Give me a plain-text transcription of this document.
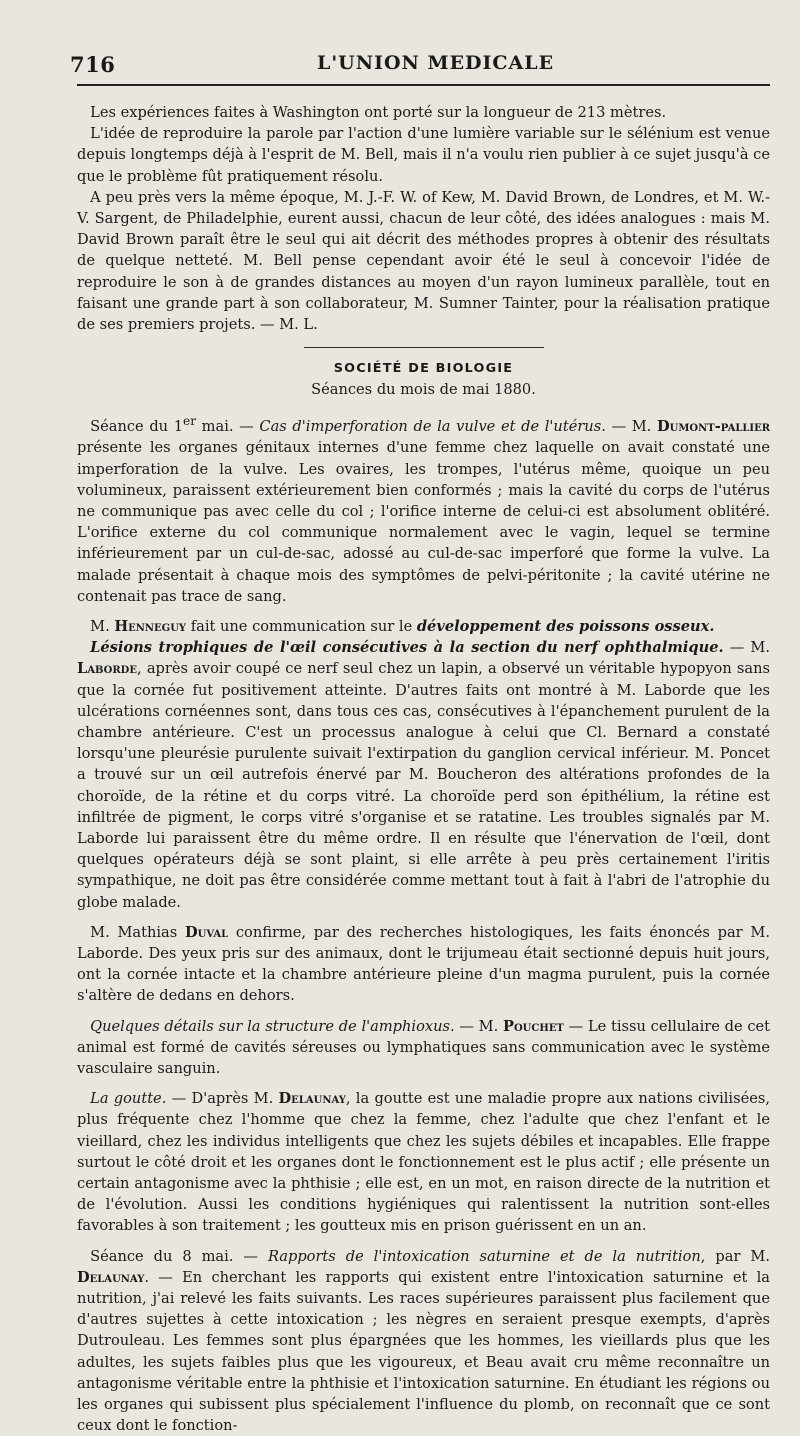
716	L'UNION MEDICALE

Les expériences faites à Washington ont porté sur la longueur de 213 mètres.

L'idée de reproduire la parole par l'action d'une lumière variable sur le sélénium est venue depuis longtemps déjà à l'esprit de M. Bell, mais il n'a voulu rien publier à ce sujet jusqu'à ce que le problème fût pratiquement résolu.

A peu près vers la même époque, M. J.-F. W. of Kew, M. David Brown, de Londres, et M. W.-V. Sargent, de Philadelphie, eurent aussi, chacun de leur côté, des idées analogues : mais M. David Brown paraît être le seul qui ait décrit des méthodes propres à obtenir des résultats de quelque netteté. M. Bell pense cependant avoir été le seul à concevoir l'idée de reproduire le son à de grandes distances au moyen d'un rayon lumineux parallèle, tout en faisant une grande part à son collaborateur, M. Sumner Tainter, pour la réalisation pratique de ses premiers projets. — M. L.

SOCIÉTÉ DE BIOLOGIE
Séances du mois de mai 1880.

Séance du 1er mai. — Cas d'imperforation de la vulve et de l'utérus. — M. Dumont-pallier présente les organes génitaux internes d'une femme chez laquelle on avait constaté une imperforation de la vulve. Les ovaires, les trompes, l'utérus même, quoique un peu volumineux, paraissent extérieurement bien conformés ; mais la cavité du corps de l'utérus ne communique pas avec celle du col ; l'orifice interne de celui-ci est absolument oblitéré. L'orifice externe du col communique normalement avec le vagin, lequel se termine inférieurement par un cul-de-sac, adossé au cul-de-sac imperforé que forme la vulve. La malade présentait à chaque mois des symptômes de pelvi-péritonite ; la cavité utérine ne contenait pas trace de sang.

M. Henneguy fait une communication sur le développement des poissons osseux.

Lésions trophiques de l'œil consécutives à la section du nerf ophthalmique. — M. Laborde, après avoir coupé ce nerf seul chez un lapin, a observé un véritable hypopyon sans que la cornée fut positivement atteinte. D'autres faits ont montré à M. Laborde que les ulcérations cornéennes sont, dans tous ces cas, consécutives à l'épanchement purulent de la chambre antérieure. C'est un processus analogue à celui que Cl. Bernard a constaté lorsqu'une pleurésie purulente suivait l'extirpation du ganglion cervical inférieur. M. Poncet a trouvé sur un œil autrefois énervé par M. Boucheron des altérations profondes de la choroïde, de la rétine et du corps vitré. La choroïde perd son épithélium, la rétine est infiltrée de pigment, le corps vitré s'organise et se ratatine. Les troubles signalés par M. Laborde lui paraissent être du même ordre. Il en résulte que l'énervation de l'œil, dont quelques opérateurs déjà se sont plaint, si elle arrête à peu près certainement l'iritis sympathique, ne doit pas être considérée comme mettant tout à fait à l'abri de l'atrophie du globe malade.

M. Mathias Duval confirme, par des recherches histologiques, les faits énoncés par M. Laborde. Des yeux pris sur des animaux, dont le trijumeau était sectionné depuis huit jours, ont la cornée intacte et la chambre antérieure pleine d'un magma purulent, puis la cornée s'altère de dedans en dehors.

Quelques détails sur la structure de l'amphioxus. — M. Pouchet — Le tissu cellulaire de cet animal est formé de cavités séreuses ou lymphatiques sans communication avec le système vasculaire sanguin.

La goutte. — D'après M. Delaunay, la goutte est une maladie propre aux nations civilisées, plus fréquente chez l'homme que chez la femme, chez l'adulte que chez l'enfant et le vieillard, chez les individus intelligents que chez les sujets débiles et incapables. Elle frappe surtout le côté droit et les organes dont le fonctionnement est le plus actif ; elle présente un certain antagonisme avec la phthisie ; elle est, en un mot, en raison directe de la nutrition et de l'évolution. Aussi les conditions hygiéniques qui ralentissent la nutrition sont-elles favorables à son traitement ; les goutteux mis en prison guérissent en un an.

Séance du 8 mai. — Rapports de l'intoxication saturnine et de la nutrition, par M. Delaunay. — En cherchant les rapports qui existent entre l'intoxication saturnine et la nutrition, j'ai relevé les faits suivants. Les races supérieures paraissent plus facilement que d'autres sujettes à cette intoxication ; les nègres en seraient presque exempts, d'après Dutrouleau. Les femmes sont plus épargnées que les hommes, les vieillards plus que les adultes, les sujets faibles plus que les vigoureux, et Beau avait cru même reconnaître un antagonisme véritable entre la phthisie et l'intoxication saturnine. En étudiant les régions ou les organes qui subissent plus spécialement l'influence du plomb, on reconnaît que ce sont ceux dont le fonction-
